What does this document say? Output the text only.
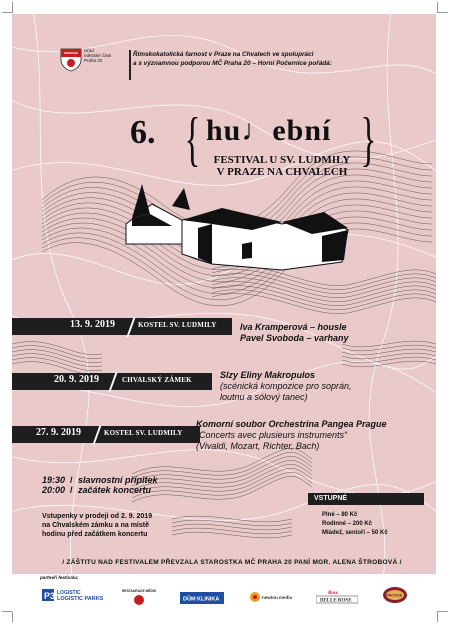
Úřad
městské části
Praha 20
Římskokatolická farnost v Praze na Chvalech ve spolupráci
a s významnou podporou MČ Praha 20 – Horní Počernice pořádá:
6. { hu♩ební }
FESTIVAL U SV. LUDMILY
V PRAZE NA CHVALECH
13. 9. 2019	KOSTEL SV. LUDMILY	Iva Kramperová – housle
Pavel Svoboda – varhany
20. 9. 2019	CHVALSKÝ ZÁMEK	Slzy Eliny Makropulos
(scénická kompozice pro soprán,
loutnu a sólový tanec)
27. 9. 2019	KOSTEL SV. LUDMILY
Komorní soubor Orchestrina Pangea Prague
„Concerts avec plusieurs instruments“
(Vivaldi, Mozart, Richter, Bach)
19:30 / slavnostní přípitek
20:00 / začátek koncertu
Vstupenky v prodeji od 2. 9. 2019
na Chvalském zámku a na místě
hodinu před začátkem koncertu
VSTUPNÉ
Plné – 80 Kč
Rodinné – 200 Kč
Mládež, senioři – 50 Kč
/ ZÁŠTITU NAD FESTIVALEM PŘEVZALA STAROSTKA MČ PRAHA 20 PANÍ MGR. ALENA ŠTROBOVÁ /
partneři festivalu:
P3 LOGISTIC
LOGISTIC PARKS
RESTAURACE MĚDISA
DŮM KLINIKA	newton media
Rose
BELLE ROSE
PROVIDE
